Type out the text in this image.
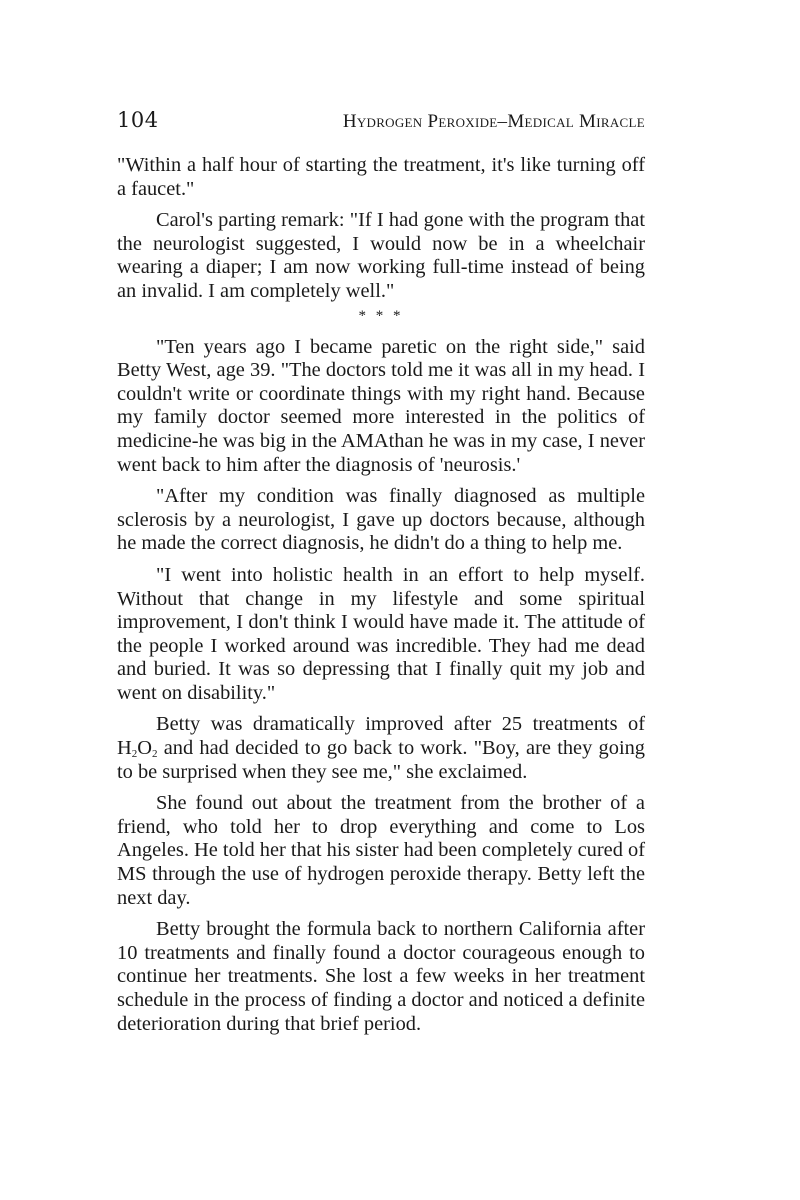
104	Hydrogen Peroxide–Medical Miracle

"Within a half hour of starting the treatment, it's like turning off a faucet."

Carol's parting remark: "If I had gone with the program that the neurologist suggested, I would now be in a wheelchair wearing a diaper; I am now working full-time instead of being an invalid. I am completely well."

* * *

"Ten years ago I became paretic on the right side," said Betty West, age 39. "The doctors told me it was all in my head. I couldn't write or coordinate things with my right hand. Because my family doctor seemed more interested in the politics of medicine-he was big in the AMAthan he was in my case, I never went back to him after the diagnosis of 'neurosis.'

"After my condition was finally diagnosed as multiple sclerosis by a neurologist, I gave up doctors because, although he made the correct diagnosis, he didn't do a thing to help me.

"I went into holistic health in an effort to help myself. Without that change in my lifestyle and some spiritual improvement, I don't think I would have made it. The attitude of the people I worked around was incredible. They had me dead and buried. It was so depressing that I finally quit my job and went on disability."

Betty was dramatically improved after 25 treatments of $H_2O_2$ and had decided to go back to work. "Boy, are they going to be surprised when they see me," she exclaimed.

She found out about the treatment from the brother of a friend, who told her to drop everything and come to Los Angeles. He told her that his sister had been completely cured of MS through the use of hydrogen peroxide therapy. Betty left the next day.

Betty brought the formula back to northern California after 10 treatments and finally found a doctor courageous enough to continue her treatments. She lost a few weeks in her treatment schedule in the process of finding a doctor and noticed a definite deterioration during that brief period.
